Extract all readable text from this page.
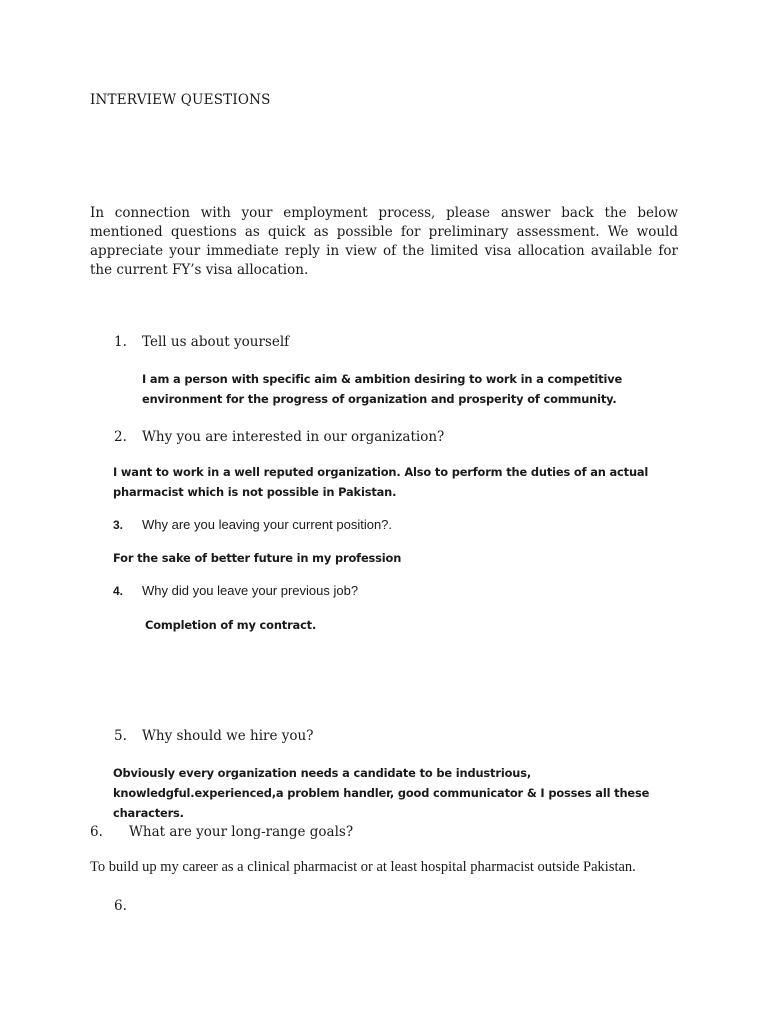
INTERVIEW QUESTIONS

In connection with your employment process, please answer back the below mentioned questions as quick as possible for preliminary assessment. We would appreciate your immediate reply in view of the limited visa allocation available for the current FY’s visa allocation.

1. Tell us about yourself

I am a person with specific aim & ambition desiring to work in a competitive environment for the progress of organization and prosperity of community.

2. Why you are interested in our organization?

I want to work in a well reputed organization. Also to perform the duties of an actual pharmacist which is not possible in Pakistan.

3. Why are you leaving your current position?.

For the sake of better future in my profession

4. Why did you leave your previous job?

Completion of my contract.

5. Why should we hire you?

Obviously every organization needs a candidate to be industrious, knowledgful.experienced,a problem handler, good communicator & I posses all these characters.

6. What are your long-range goals?

To build up my career as a clinical pharmacist or at least hospital pharmacist outside Pakistan.

6.
